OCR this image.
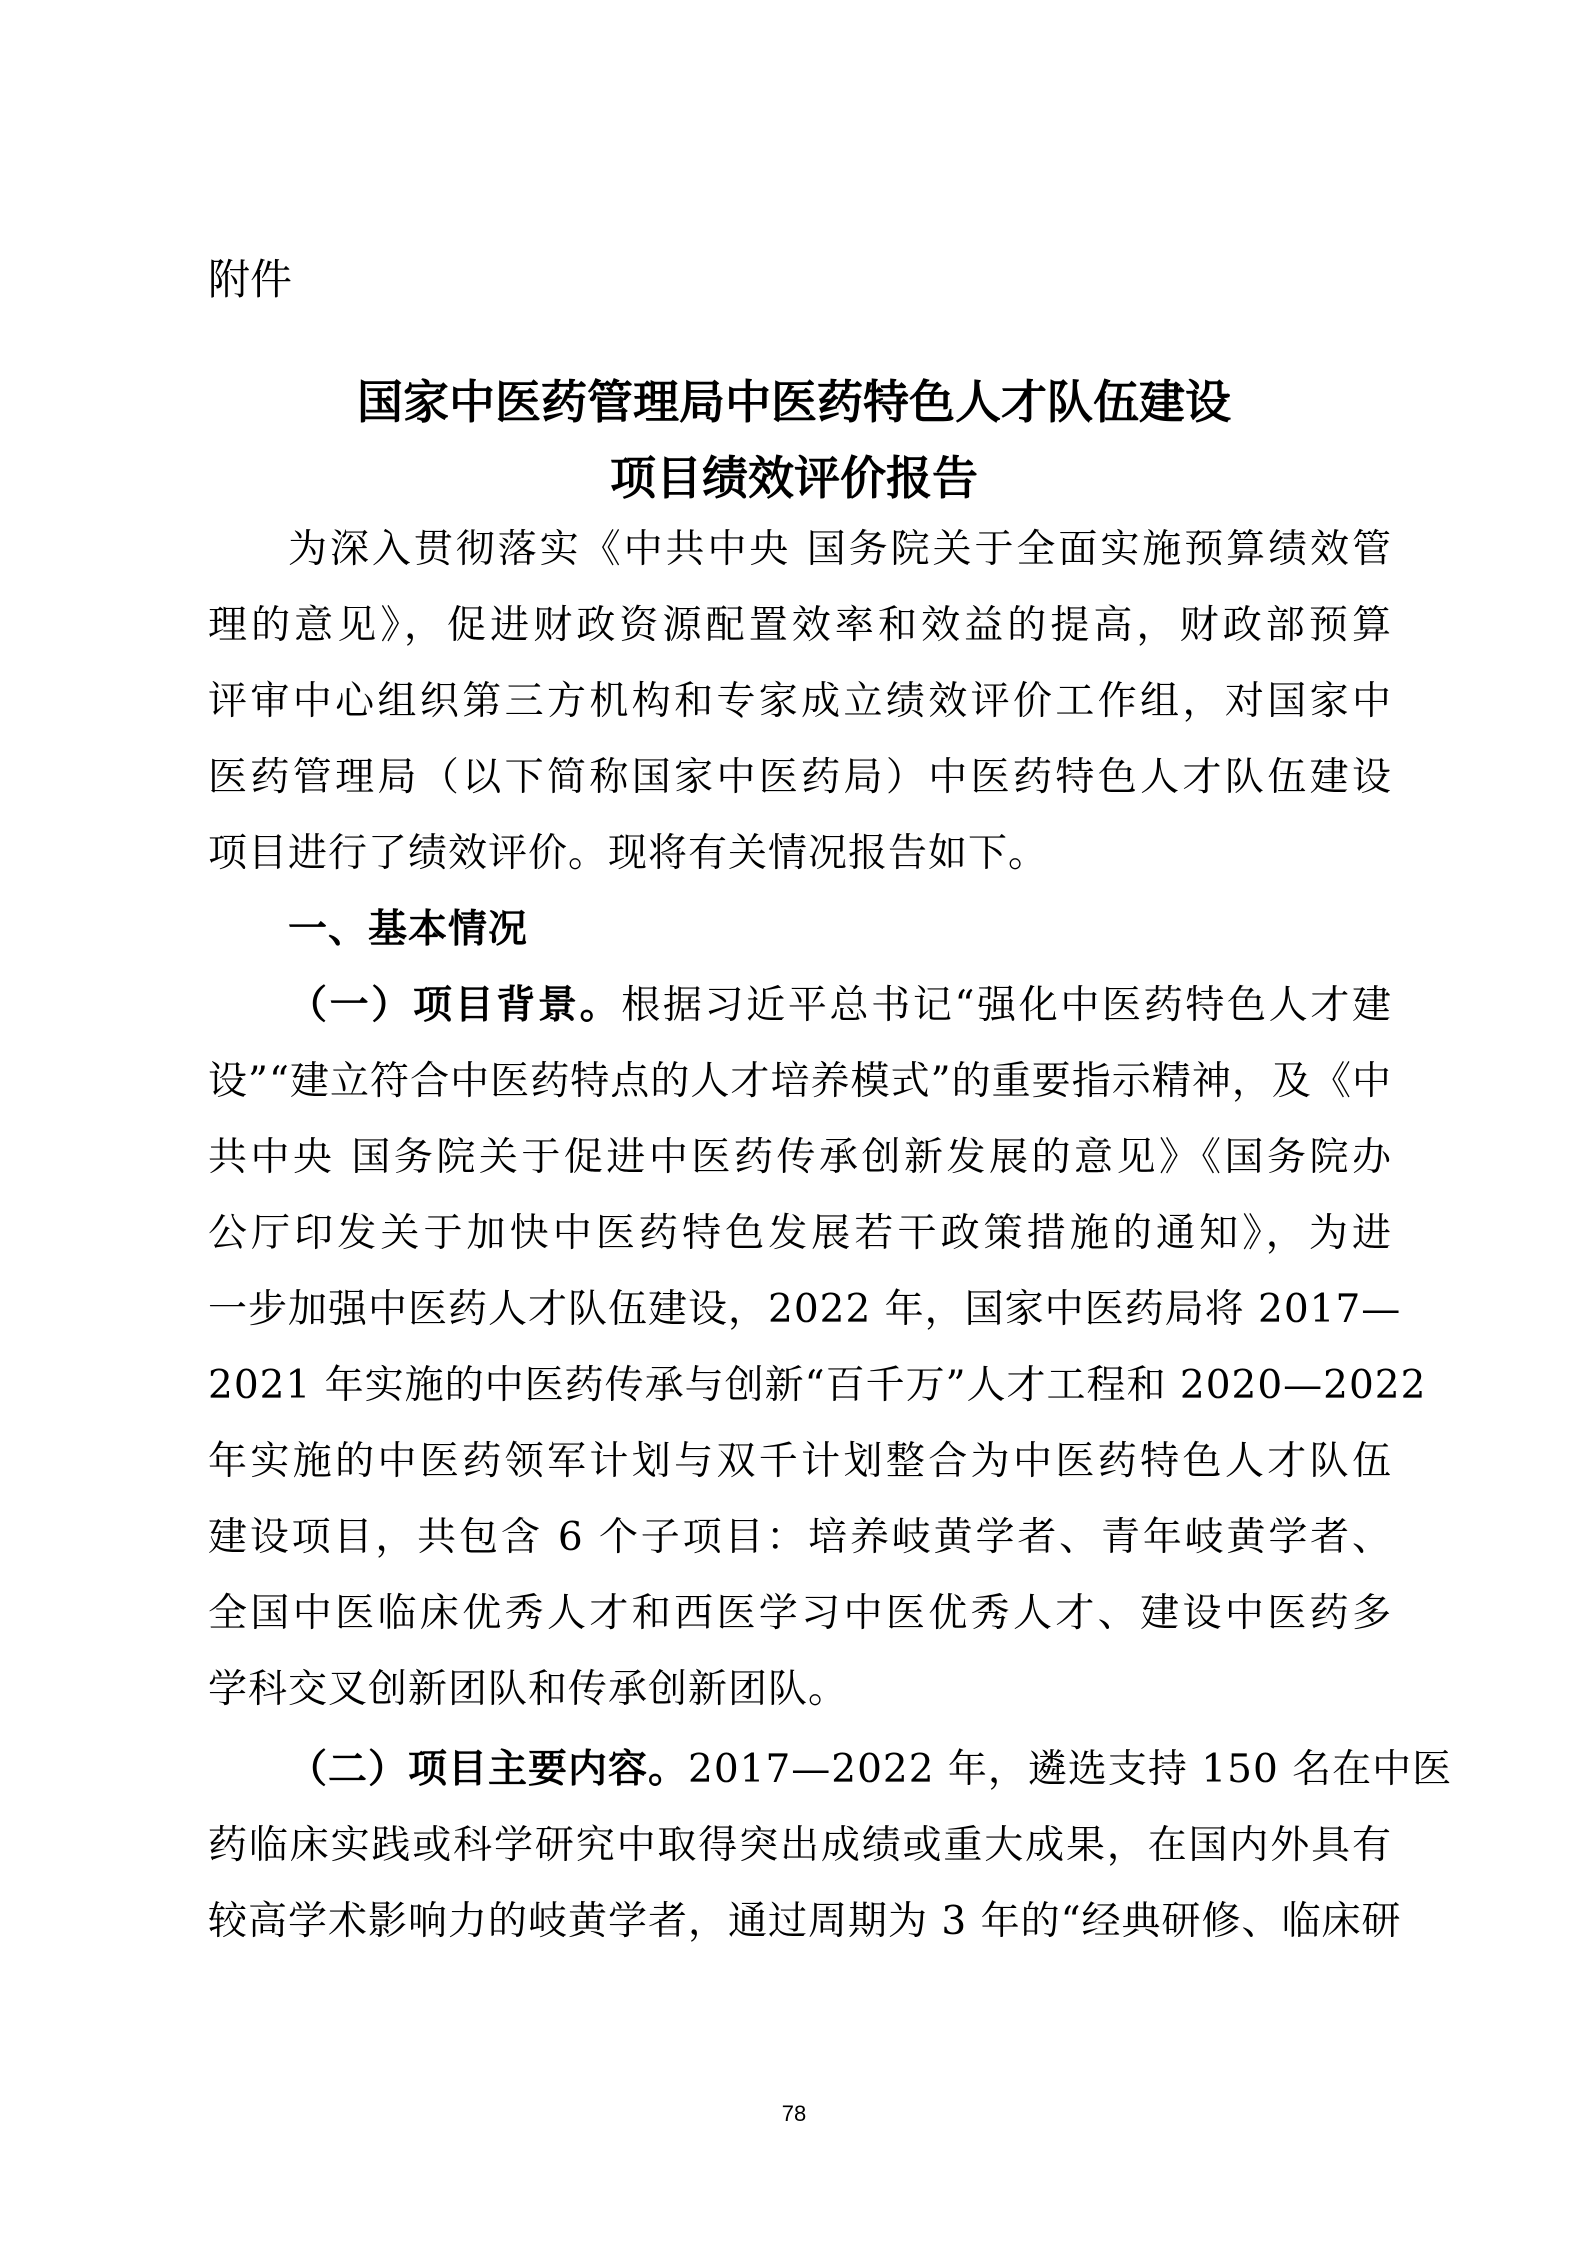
附件
国家中医药管理局中医药特色人才队伍建设
项目绩效评价报告
为深入贯彻落实《中共中央 国务院关于全面实施预算绩效管
理的意见》，促进财政资源配置效率和效益的提高，财政部预算
评审中心组织第三方机构和专家成立绩效评价工作组，对国家中
医药管理局（以下简称国家中医药局）中医药特色人才队伍建设
项目进行了绩效评价。现将有关情况报告如下。
一、基本情况
（一）项目背景。根据习近平总书记“强化中医药特色人才建
设”“建立符合中医药特点的人才培养模式”的重要指示精神，及《中
共中央 国务院关于促进中医药传承创新发展的意见》《国务院办
公厅印发关于加快中医药特色发展若干政策措施的通知》，为进
一步加强中医药人才队伍建设，2022 年，国家中医药局将 2017—
2021 年实施的中医药传承与创新“百千万”人才工程和 2020—2022
年实施的中医药领军计划与双千计划整合为中医药特色人才队伍
建设项目，共包含 6 个子项目：培养岐黄学者、青年岐黄学者、
全国中医临床优秀人才和西医学习中医优秀人才、建设中医药多
学科交叉创新团队和传承创新团队。
（二）项目主要内容。2017—2022 年，遴选支持 150 名在中医
药临床实践或科学研究中取得突出成绩或重大成果，在国内外具有
较高学术影响力的岐黄学者，通过周期为 3 年的“经典研修、临床研
78
